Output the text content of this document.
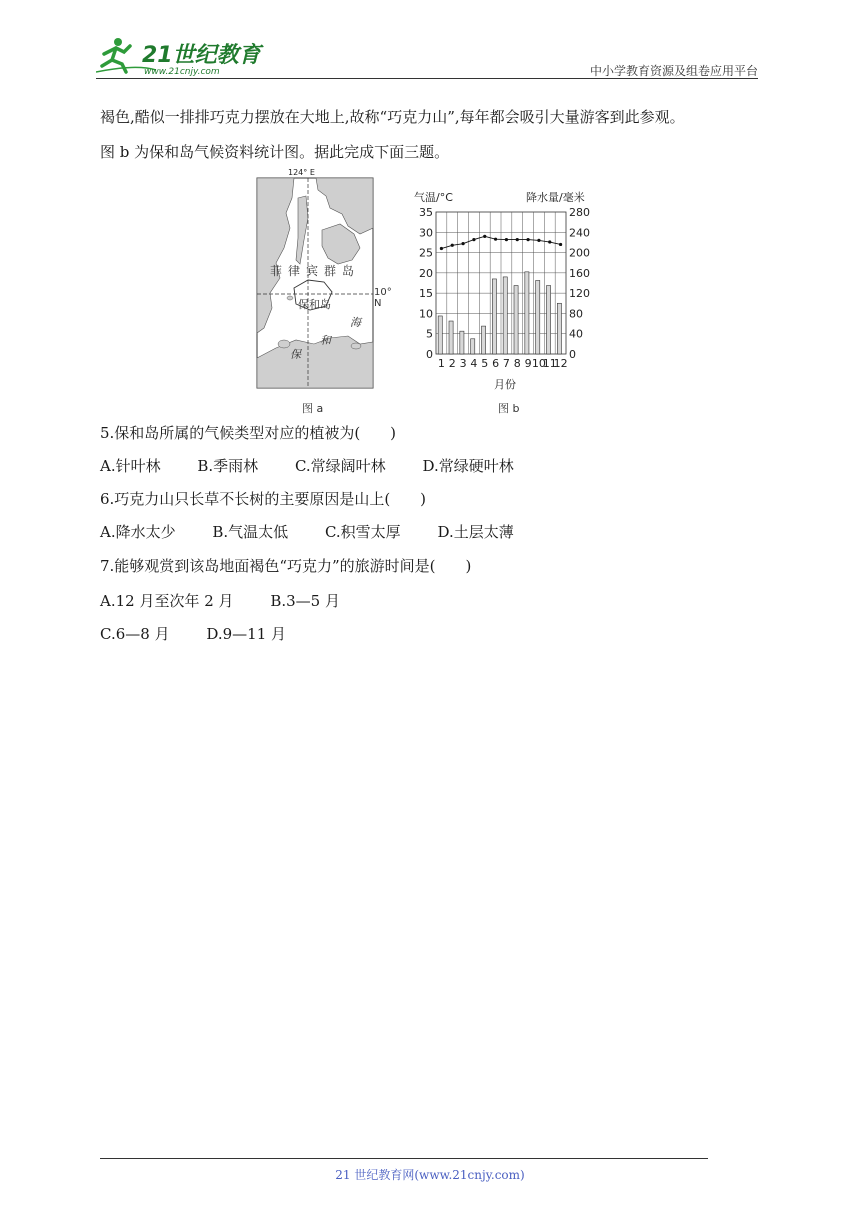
21世纪教育
www.21cnjy.com	中小学教育资源及组卷应用平台
褐色,酷似一排排巧克力摆放在大地上,故称“巧克力山”,每年都会吸引大量游客到此参观。
图 b 为保和岛气候资料统计图。据此完成下面三题。
124° E
10° N
菲 律 宾 群 岛
保和岛
海
和
保
图 a
气温/°C	降水量/毫米
35
30
25
20
15
10
5
0
280
240
200
160
120
80
40
0
1 2 3 4 5 6 7 8 9 10
11
12
月份
图 b
5.保和岛所属的气候类型对应的植被为(　　)
A.针叶林 B.季雨林 C.常绿阔叶林 D.常绿硬叶林
6.巧克力山只长草不长树的主要原因是山上(　　)
A.降水太少 B.气温太低 C.积雪太厚 D.土层太薄
7.能够观赏到该岛地面褐色“巧克力”的旅游时间是(　　)
A.12 月至次年 2 月 B.3—5 月
C.6—8 月 D.9—11 月
21 世纪教育网(www.21cnjy.com)
